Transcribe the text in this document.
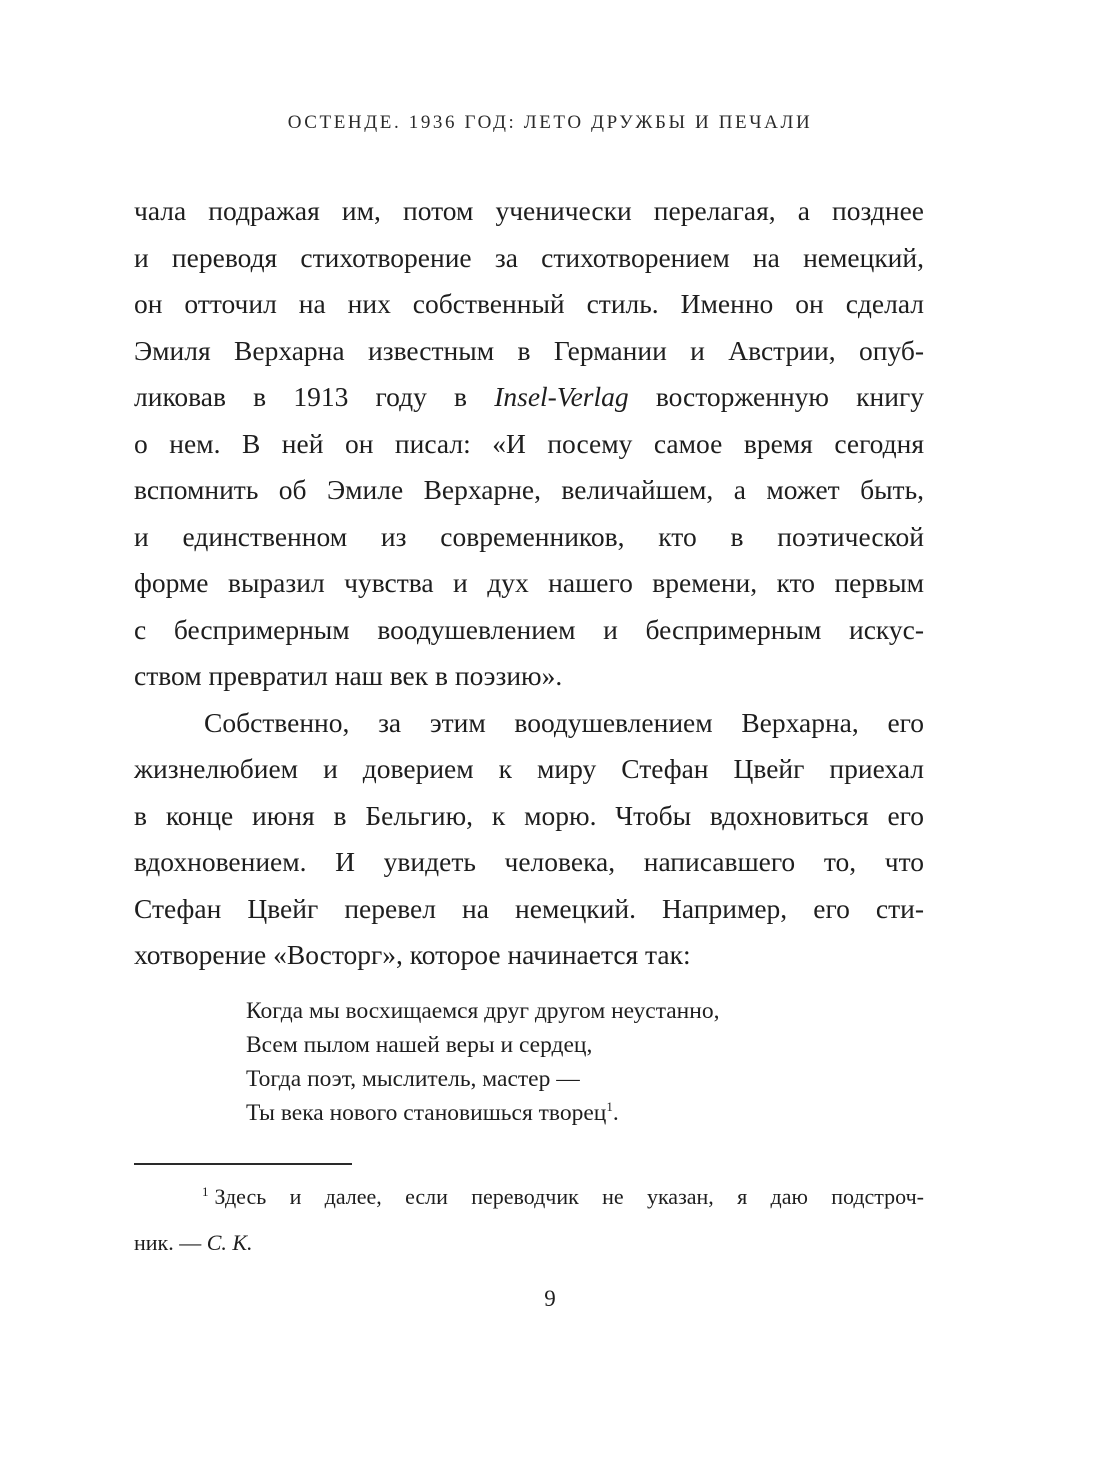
ОСТЕНДЕ. 1936 ГОД: ЛЕТО ДРУЖБЫ И ПЕЧАЛИ
чала подражая им, потом ученически перелагая, а позднее
и переводя стихотворение за стихотворением на немецкий,
он отточил на них собственный стиль. Именно он сделал
Эмиля Верхарна известным в Германии и Австрии, опуб-
ликовав в 1913 году в Insel-Verlag восторженную книгу
о нем. В ней он писал: «И посему самое время сегодня
вспомнить об Эмиле Верхарне, величайшем, а может быть,
и единственном из современников, кто в поэтической
форме выразил чувства и дух нашего времени, кто первым
с беспримерным воодушевлением и беспримерным искус-
ством превратил наш век в поэзию».
Собственно, за этим воодушевлением Верхарна, его
жизнелюбием и доверием к миру Стефан Цвейг приехал
в конце июня в Бельгию, к морю. Чтобы вдохновиться его
вдохновением. И увидеть человека, написавшего то, что
Стефан Цвейг перевел на немецкий. Например, его сти-
хотворение «Восторг», которое начинается так:
Когда мы восхищаемся друг другом неустанно,
Всем пылом нашей веры и сердец,
Тогда поэт, мыслитель, мастер —
Ты века нового становишься творец$^1$.
$^1$ Здесь и далее, если переводчик не указан, я даю подстроч-
ник. — С. К.
9
